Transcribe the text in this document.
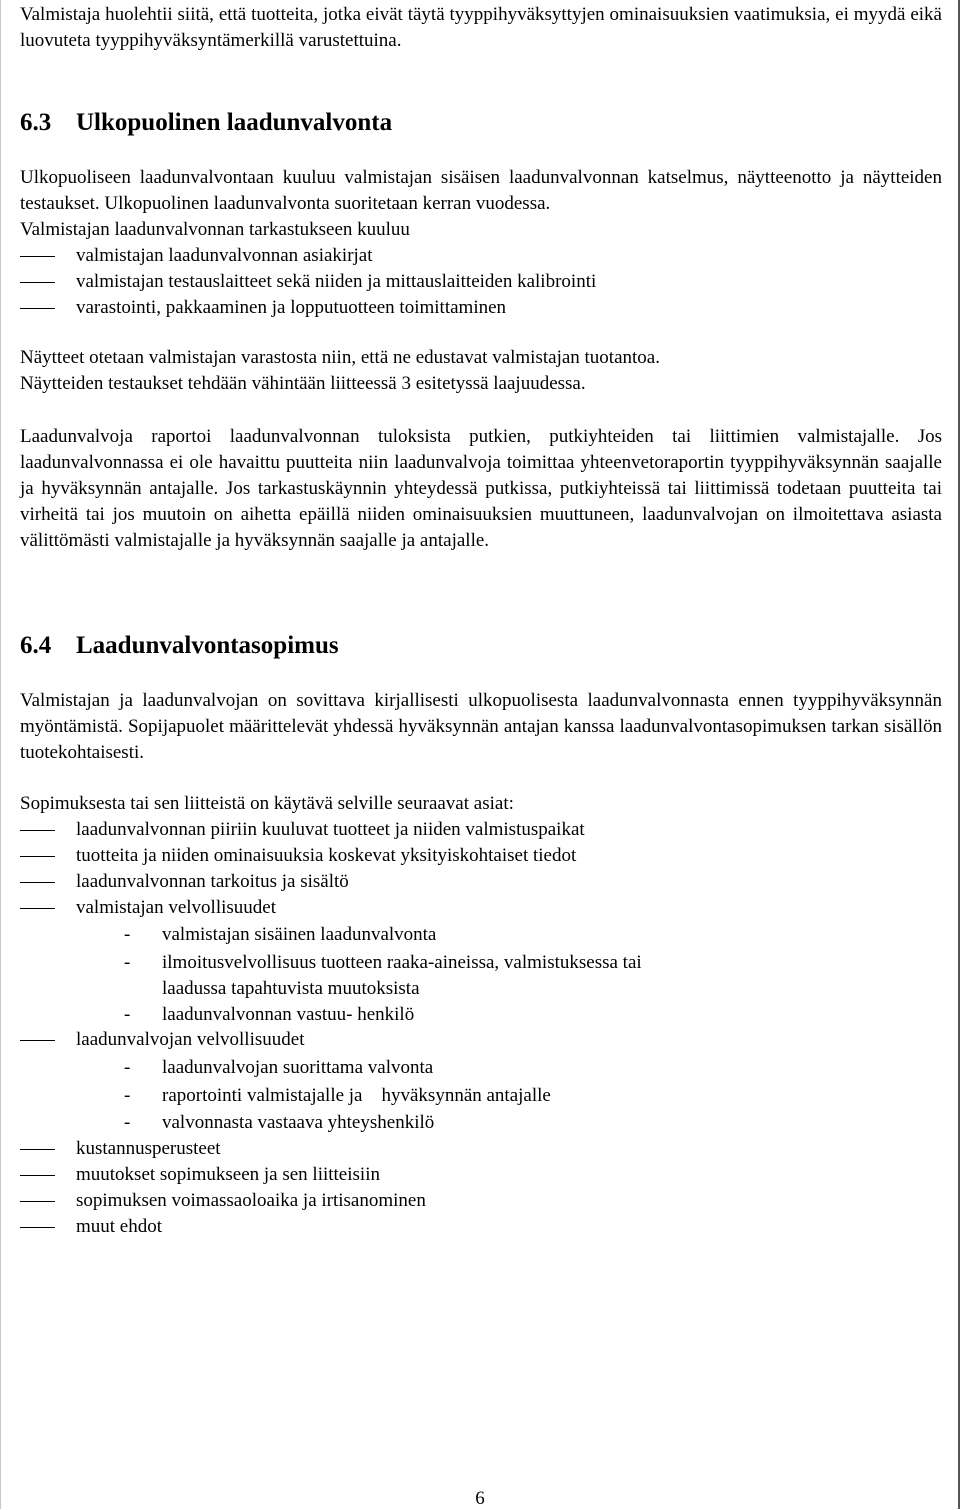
Valmistaja huolehtii siitä, että tuotteita, jotka eivät täytä tyyppihyväksyttyjen ominaisuuksien vaatimuksia, ei myydä eikä luovuteta tyyppihyväksyntämerkillä varustettuina.

6.3 Ulkopuolinen laadunvalvonta

Ulkopuoliseen laadunvalvontaan kuuluu valmistajan sisäisen laadunvalvonnan katselmus, näytteenotto ja näytteiden testaukset. Ulkopuolinen laadunvalvonta suoritetaan kerran vuodessa.

Valmistajan laadunvalvonnan tarkastukseen kuuluu

valmistajan laadunvalvonnan asiakirjat
valmistajan testauslaitteet sekä niiden ja mittauslaitteiden kalibrointi
varastointi, pakkaaminen ja lopputuotteen toimittaminen

Näytteet otetaan valmistajan varastosta niin, että ne edustavat valmistajan tuotantoa.

Näytteiden testaukset tehdään vähintään liitteessä 3 esitetyssä laajuudessa.

Laadunvalvoja raportoi laadunvalvonnan tuloksista putkien, putkiyhteiden tai liittimien valmistajalle. Jos laadunvalvonnassa ei ole havaittu puutteita niin laadunvalvoja toimittaa yhteenvetoraportin tyyppihyväksynnän saajalle ja hyväksynnän antajalle. Jos tarkastuskäynnin yhteydessä putkissa, putkiyhteissä tai liittimissä todetaan puutteita tai virheitä tai jos muutoin on aihetta epäillä niiden ominaisuuksien muuttuneen, laadunvalvojan on ilmoitettava asiasta välittömästi valmistajalle ja hyväksynnän saajalle ja antajalle.

6.4 Laadunvalvontasopimus

Valmistajan ja laadunvalvojan on sovittava kirjallisesti ulkopuolisesta laadunvalvonnasta ennen tyyppihyväksynnän myöntämistä. Sopijapuolet määrittelevät yhdessä hyväksynnän antajan kanssa laadunvalvontasopimuksen tarkan sisällön tuotekohtaisesti.

Sopimuksesta tai sen liitteistä on käytävä selville seuraavat asiat:

laadunvalvonnan piiriin kuuluvat tuotteet ja niiden valmistuspaikat
tuotteita ja niiden ominaisuuksia koskevat yksityiskohtaiset tiedot
laadunvalvonnan tarkoitus ja sisältö
valmistajan velvollisuudet
-	valmistajan sisäinen laadunvalvonta
-	ilmoitusvelvollisuus tuotteen raaka-aineissa, valmistuksessa tai
laadussa tapahtuvista muutoksista
-	laadunvalvonnan vastuu- henkilö
laadunvalvojan velvollisuudet
-	laadunvalvojan suorittama valvonta
-	raportointi valmistajalle ja    hyväksynnän antajalle
-	valvonnasta vastaava yhteyshenkilö
kustannusperusteet
muutokset sopimukseen ja sen liitteisiin
sopimuksen voimassaoloaika ja irtisanominen
muut ehdot
6
